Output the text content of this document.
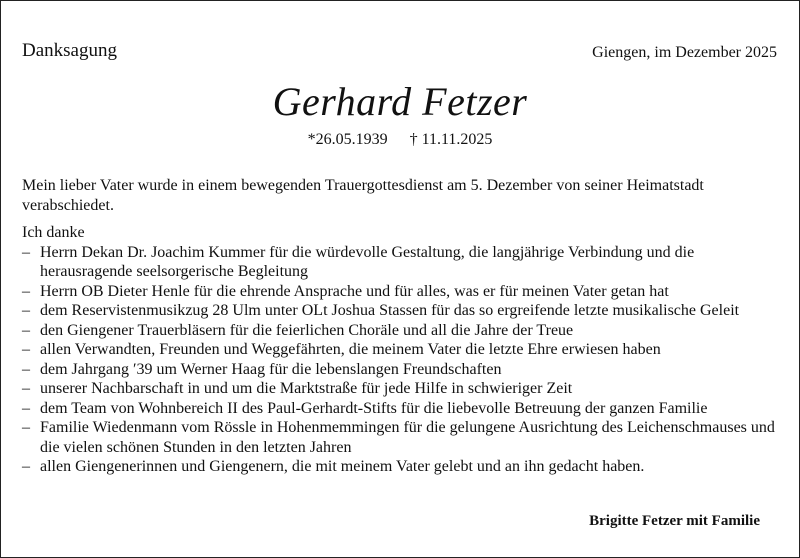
Danksagung	Giengen, im Dezember 2025
Gerhard Fetzer
*26.05.1939 † 11.11.2025

Mein lieber Vater wurde in einem bewegenden Trauergottesdienst am 5. Dezember von seiner Heimatstadt verabschiedet.

Ich danke

– Herrn Dekan Dr. Joachim Kummer für die würdevolle Gestaltung, die langjährige Verbindung und die herausragende seelsorgerische Begleitung
– Herrn OB Dieter Henle für die ehrende Ansprache und für alles, was er für meinen Vater getan hat
– dem Reservistenmusikzug 28 Ulm unter OLt Joshua Stassen für das so ergreifende letzte musikalische Geleit
– den Giengener Trauerbläsern für die feierlichen Choräle und all die Jahre der Treue
– allen Verwandten, Freunden und Weggefährten, die meinem Vater die letzte Ehre erwiesen haben
– dem Jahrgang ′39 um Werner Haag für die lebenslangen Freundschaften
– unserer Nachbarschaft in und um die Marktstraße für jede Hilfe in schwieriger Zeit
– dem Team von Wohnbereich II des Paul-Gerhardt-Stifts für die liebevolle Betreuung der ganzen Familie
– Familie Wiedenmann vom Rössle in Hohenmemmingen für die gelungene Ausrichtung des Leichenschmauses und die vielen schönen Stunden in den letzten Jahren
– allen Giengenerinnen und Giengenern, die mit meinem Vater gelebt und an ihn gedacht haben.
Brigitte Fetzer mit Familie
